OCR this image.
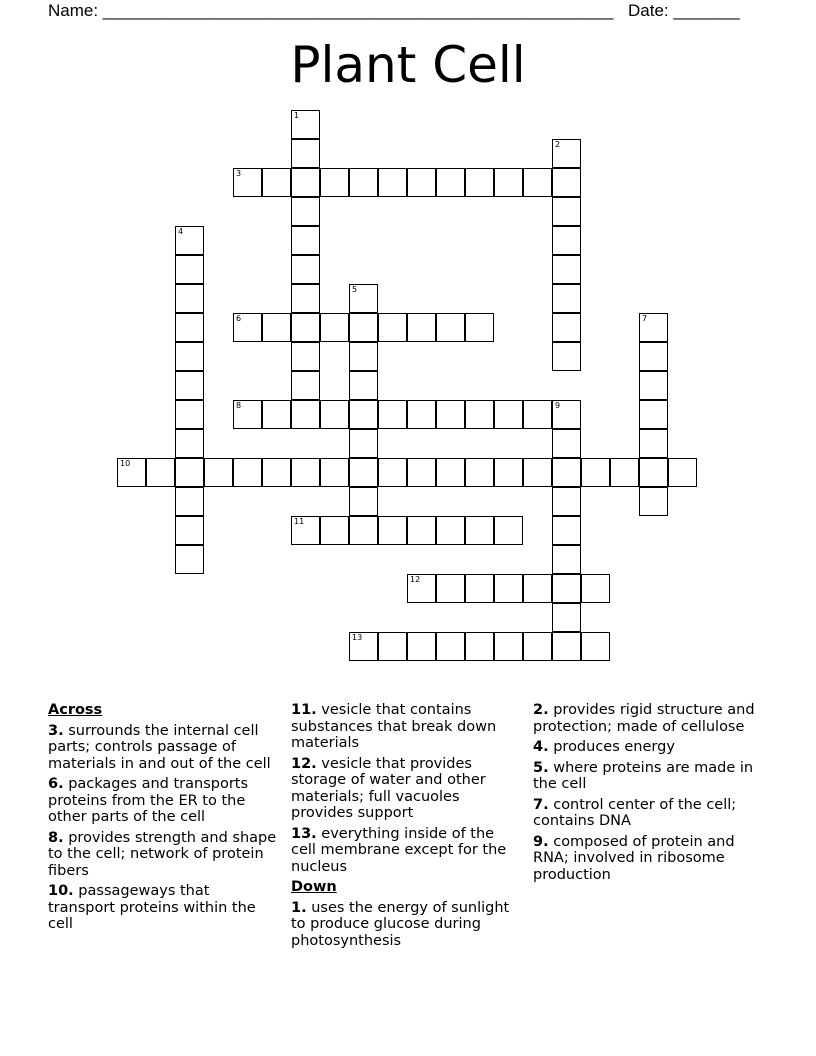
Name: ______________________________________________________ Date: _______
Plant Cell
1
2
3
4
5
6	7
8	9
10
11
12
13
Across
3. surrounds the internal cell parts; controls passage of materials in and out of the cell
6. packages and transports proteins from the ER to the other parts of the cell
8. provides strength and shape to the cell; network of protein fibers
10. passageways that transport proteins within the cell
11. vesicle that contains substances that break down materials
12. vesicle that provides storage of water and other materials; full vacuoles provides support
13. everything inside of the cell membrane except for the nucleus
Down
1. uses the energy of sunlight to produce glucose during photosynthesis
2. provides rigid structure and protection; made of cellulose
4. produces energy
5. where proteins are made in the cell
7. control center of the cell; contains DNA
9. composed of protein and RNA; involved in ribosome production
